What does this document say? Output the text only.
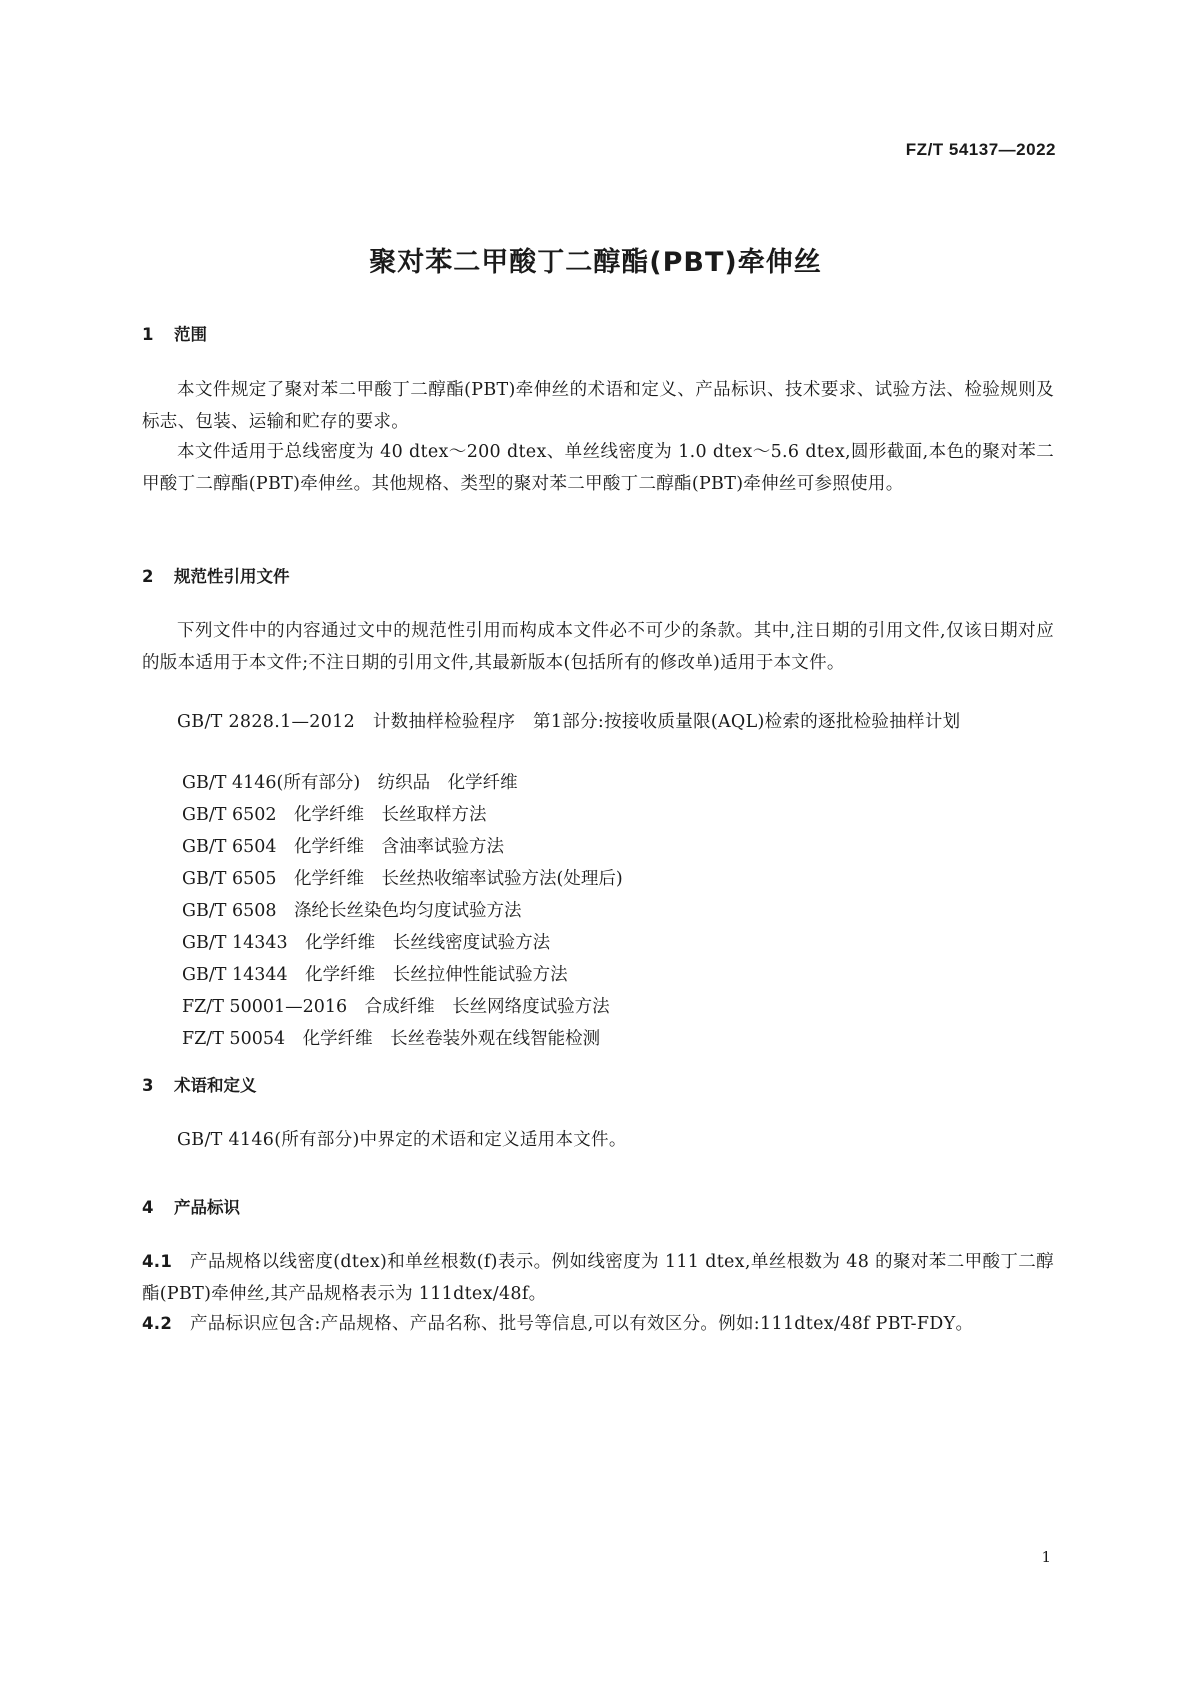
FZ/T 54137—2022
聚对苯二甲酸丁二醇酯(PBT)牵伸丝
1 范围
本文件规定了聚对苯二甲酸丁二醇酯(PBT)牵伸丝的术语和定义、产品标识、技术要求、试验方法、检验规则及标志、包装、运输和贮存的要求。
本文件适用于总线密度为 40 dtex～200 dtex、单丝线密度为 1.0 dtex～5.6 dtex,圆形截面,本色的聚对苯二甲酸丁二醇酯(PBT)牵伸丝。其他规格、类型的聚对苯二甲酸丁二醇酯(PBT)牵伸丝可参照使用。
2 规范性引用文件
下列文件中的内容通过文中的规范性引用而构成本文件必不可少的条款。其中,注日期的引用文件,仅该日期对应的版本适用于本文件;不注日期的引用文件,其最新版本(包括所有的修改单)适用于本文件。
GB/T 2828.1—2012　计数抽样检验程序　第1部分:按接收质量限(AQL)检索的逐批检验抽样计划
GB/T 4146(所有部分)　纺织品　化学纤维
GB/T 6502　化学纤维　长丝取样方法
GB/T 6504　化学纤维　含油率试验方法
GB/T 6505　化学纤维　长丝热收缩率试验方法(处理后)
GB/T 6508　涤纶长丝染色均匀度试验方法
GB/T 14343　化学纤维　长丝线密度试验方法
GB/T 14344　化学纤维　长丝拉伸性能试验方法
FZ/T 50001—2016　合成纤维　长丝网络度试验方法
FZ/T 50054　化学纤维　长丝卷装外观在线智能检测
3 术语和定义
GB/T 4146(所有部分)中界定的术语和定义适用本文件。
4 产品标识
4.1  产品规格以线密度(dtex)和单丝根数(f)表示。例如线密度为 111 dtex,单丝根数为 48 的聚对苯二甲酸丁二醇酯(PBT)牵伸丝,其产品规格表示为 111dtex/48f。
4.2  产品标识应包含:产品规格、产品名称、批号等信息,可以有效区分。例如:111dtex/48f PBT-FDY。
1
